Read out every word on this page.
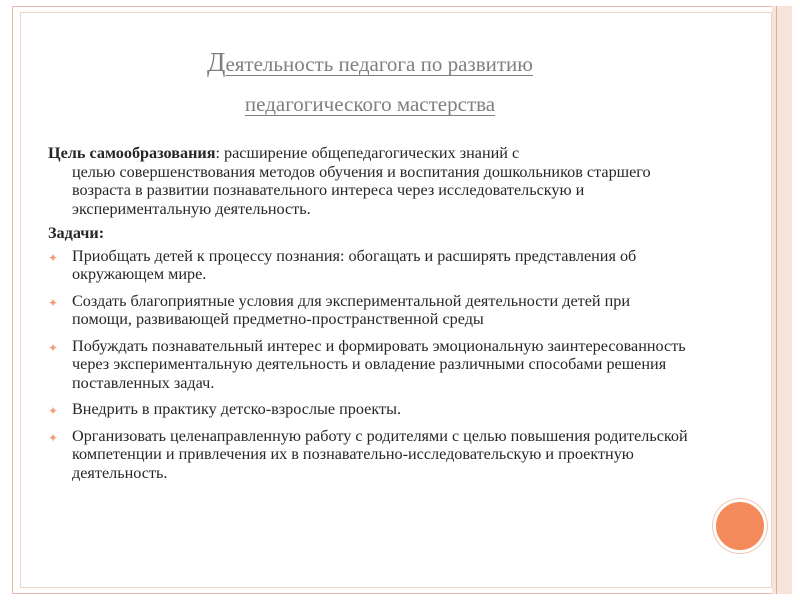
Деятельность педагога по развитию
педагогического мастерства
Цель самообразования: расширение общепедагогических знаний с
целью совершенствования методов обучения и воспитания дошкольников старшего возраста в развитии познавательного интереса через исследовательскую и экспериментальную деятельность.
Задачи:
✦ Приобщать детей к процессу познания: обогащать и расширять представления об окружающем мире.
✦ Создать благоприятные условия для экспериментальной деятельности детей при помощи, развивающей предметно-пространственной среды
✦ Побуждать познавательный интерес и формировать эмоциональную заинтересованность через экспериментальную деятельность и овладение различными способами решения поставленных задач.
✦ Внедрить в практику детско-взрослые проекты.
✦ Организовать целенаправленную работу с родителями с целью повышения родительской компетенции и привлечения их в познавательно-исследовательскую и проектную деятельность.
